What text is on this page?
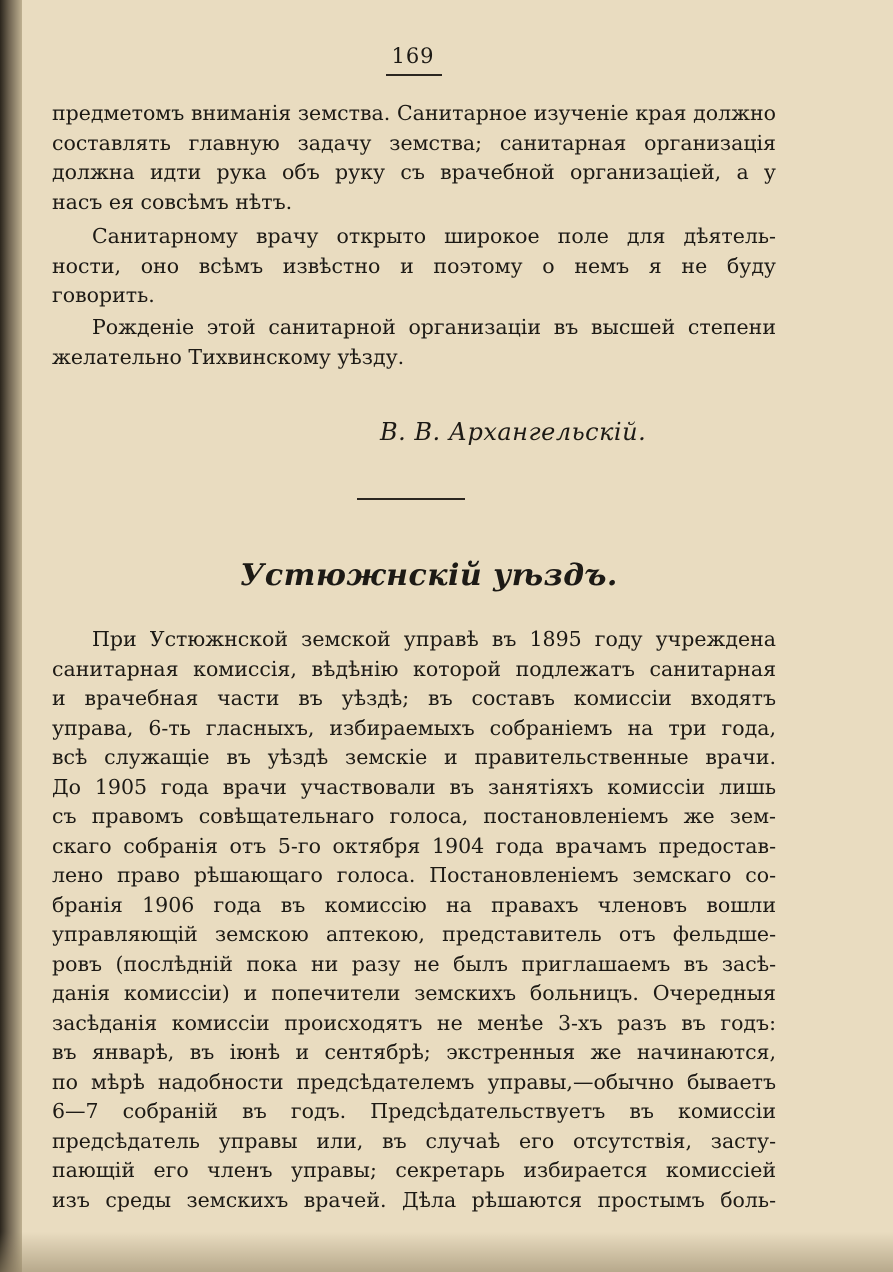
169

предметомъ вниманія земства. Санитарное изученіе края должно
составлять главную задачу земства; санитарная организація
должна идти рука объ руку съ врачебной организаціей, а у
насъ ея совсѣмъ нѣтъ.

Санитарному врачу открыто широкое поле для дѣятель-
ности, оно всѣмъ извѣстно и поэтому о немъ я не буду
говорить.

Рожденіе этой санитарной организаціи въ высшей степени
желательно Тихвинскому уѣзду.

В. В. Архангельскій.
Устюжнскій уѣздъ.

При Устюжнской земской управѣ въ 1895 году учреждена
санитарная комиссія, вѣдѣнію которой подлежатъ санитарная
и врачебная части въ уѣздѣ; въ составъ комиссіи входятъ
управа, 6-ть гласныхъ, избираемыхъ собраніемъ на три года,
всѣ служащіе въ уѣздѣ земскіе и правительственные врачи.
До 1905 года врачи участвовали въ занятіяхъ комиссіи лишь
съ правомъ совѣщательнаго голоса, постановленіемъ же зем-
скаго собранія отъ 5-го октября 1904 года врачамъ предостав-
лено право рѣшающаго голоса. Постановленіемъ земскаго со-
бранія 1906 года въ комиссію на правахъ членовъ вошли
управляющій земскою аптекою, представитель отъ фельдше-
ровъ (послѣдній пока ни разу не былъ приглашаемъ въ засѣ-
данія комиссіи) и попечители земскихъ больницъ. Очередныя
засѣданія комиссіи происходятъ не менѣе 3-хъ разъ въ годъ:
въ январѣ, въ іюнѣ и сентябрѣ; экстренныя же начинаются,
по мѣрѣ надобности предсѣдателемъ управы,—обычно бываетъ
6—7 собраній въ годъ. Предсѣдательствуетъ въ комиссіи
предсѣдатель управы или, въ случаѣ его отсутствія, засту-
пающій его членъ управы; секретарь избирается комиссіей
изъ среды земскихъ врачей. Дѣла рѣшаются простымъ боль-
